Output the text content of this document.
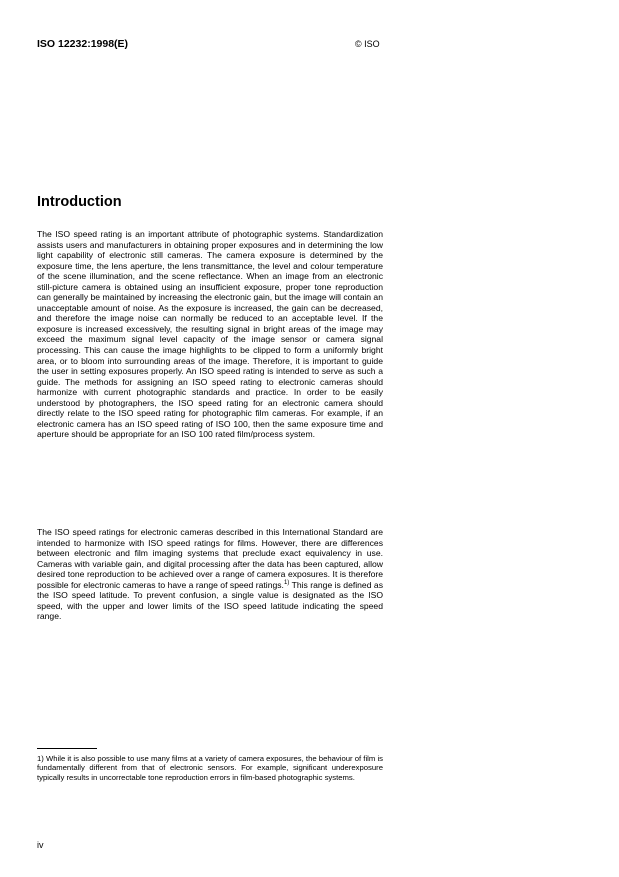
ISO 12232:1998(E)	© ISO
Introduction

The ISO speed rating is an important attribute of photographic systems. Standardization assists users and manufacturers in obtaining proper exposures and in determining the low light capability of electronic still cameras. The camera exposure is determined by the exposure time, the lens aperture, the lens transmittance, the level and colour temperature of the scene illumination, and the scene reflectance. When an image from an electronic still-picture camera is obtained using an insufficient exposure, proper tone reproduction can generally be maintained by increasing the electronic gain, but the image will contain an unacceptable amount of noise. As the exposure is increased, the gain can be decreased, and therefore the image noise can normally be reduced to an acceptable level. If the exposure is increased excessively, the resulting signal in bright areas of the image may exceed the maximum signal level capacity of the image sensor or camera signal processing. This can cause the image highlights to be clipped to form a uniformly bright area, or to bloom into surrounding areas of the image. Therefore, it is important to guide the user in setting exposures properly. An ISO speed rating is intended to serve as such a guide. The methods for assigning an ISO speed rating to electronic cameras should harmonize with current photographic standards and practice. In order to be easily understood by photographers, the ISO speed rating for an electronic camera should directly relate to the ISO speed rating for photographic film cameras. For example, if an electronic camera has an ISO speed rating of ISO 100, then the same exposure time and aperture should be appropriate for an ISO 100 rated film/process system.

The ISO speed ratings for electronic cameras described in this International Standard are intended to harmonize with ISO speed ratings for films. However, there are differences between electronic and film imaging systems that preclude exact equivalency in use. Cameras with variable gain, and digital processing after the data has been captured, allow desired tone reproduction to be achieved over a range of camera exposures. It is therefore possible for electronic cameras to have a range of speed ratings.$^{1)}$ This range is defined as the ISO speed latitude. To prevent confusion, a single value is designated as the ISO speed, with the upper and lower limits of the ISO speed latitude indicating the speed range.

1) While it is also possible to use many films at a variety of camera exposures, the behaviour of film is fundamentally different from that of electronic sensors. For example, significant underexposure typically results in uncorrectable tone reproduction errors in film-based photographic systems.

iv
